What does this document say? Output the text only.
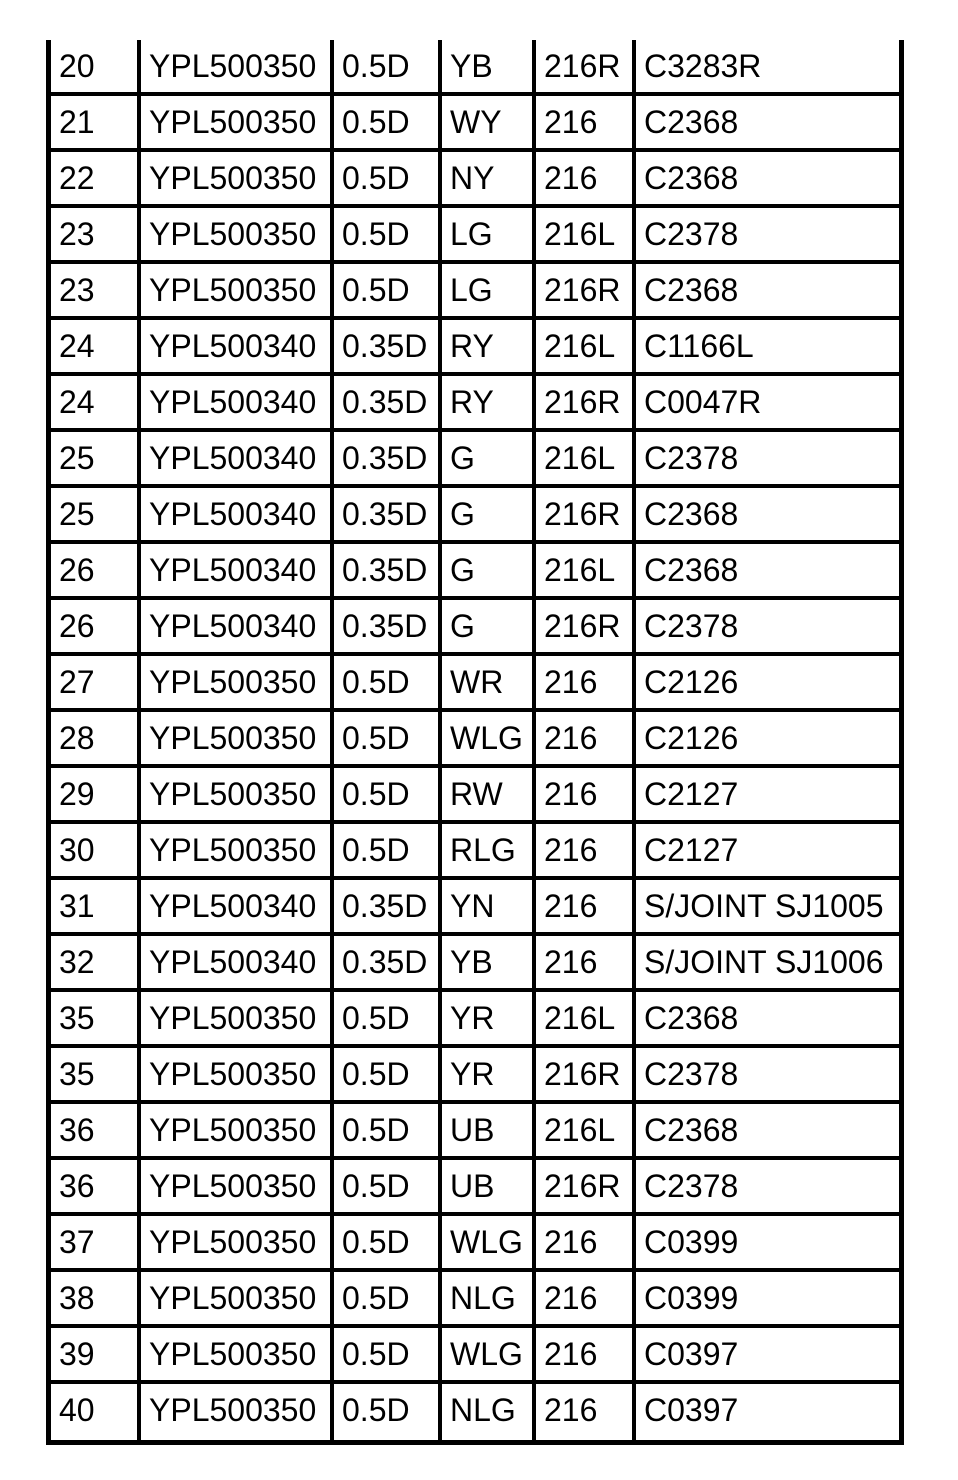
20	YPL500350 0.5D	YB	216R C3283R
21	YPL500350 0.5D	WY	216	C2368
22	YPL500350 0.5D	NY	216	C2368
23	YPL500350 0.5D	LG	216L C2378
23	YPL500350 0.5D	LG	216R C2368
24	YPL500340 0.35D RY	216L C1166L
24	YPL500340 0.35D RY	216R C0047R
25	YPL500340 0.35D G	216L C2378
25	YPL500340 0.35D G	216R C2368
26	YPL500340 0.35D G	216L C2368
26	YPL500340 0.35D G	216R C2378
27	YPL500350 0.5D	WR	216	C2126
28	YPL500350 0.5D	WLG 216	C2126
29	YPL500350 0.5D	RW	216	C2127
30	YPL500350 0.5D	RLG 216	C2127
31	YPL500340 0.35D YN	216	S/JOINT SJ1005
32	YPL500340 0.35D YB	216	S/JOINT SJ1006
35	YPL500350 0.5D	YR	216L C2368
35	YPL500350 0.5D	YR	216R C2378
36	YPL500350 0.5D	UB	216L C2368
36	YPL500350 0.5D	UB	216R C2378
37	YPL500350 0.5D	WLG 216	C0399
38	YPL500350 0.5D	NLG 216	C0399
39	YPL500350 0.5D	WLG 216	C0397
40	YPL500350 0.5D	NLG 216	C0397
